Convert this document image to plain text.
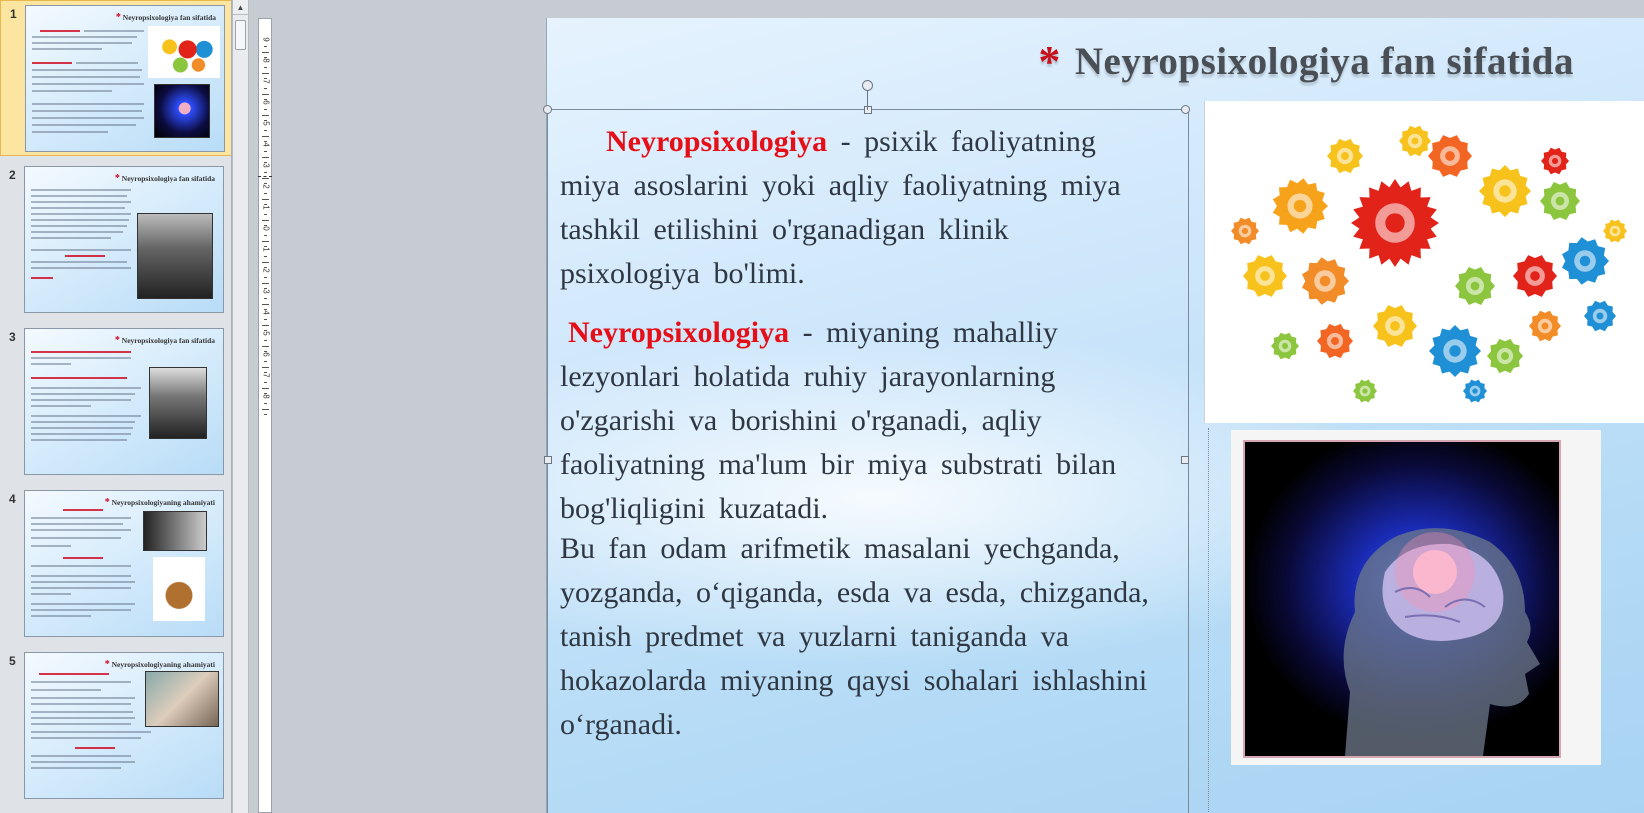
1	* Neyropsixologiya fan sifatida
2	* Neyropsixologiya fan sifatida
3	* Neyropsixologiya fan sifatida
4	* Neyropsixologiyaning ahamiyati
5	* Neyropsixologiyaning ahamiyati
▲
9
8
7
6
5
4
3
2
1
0
1
2
3
4
5
6
7
8
* Neyropsixologiya fan sifatida

Neyropsixologiya - psixik faoliyatning miya asoslarini yoki aqliy faoliyatning miya tashkil etilishini o'rganadigan klinik psixologiya bo'limi.

Neyropsixologiya - miyaning mahalliy lezyonlari holatida ruhiy jarayonlarning o'zgarishi va borishini o'rganadi, aqliy faoliyatning ma'lum bir miya substrati bilan bog'liqligini kuzatadi.

Bu fan odam arifmetik masalani yechganda, yozganda, o‘qiganda, esda va esda, chizganda, tanish predmet va yuzlarni taniganda va hokazolarda miyaning qaysi sohalari ishlashini o‘rganadi.
